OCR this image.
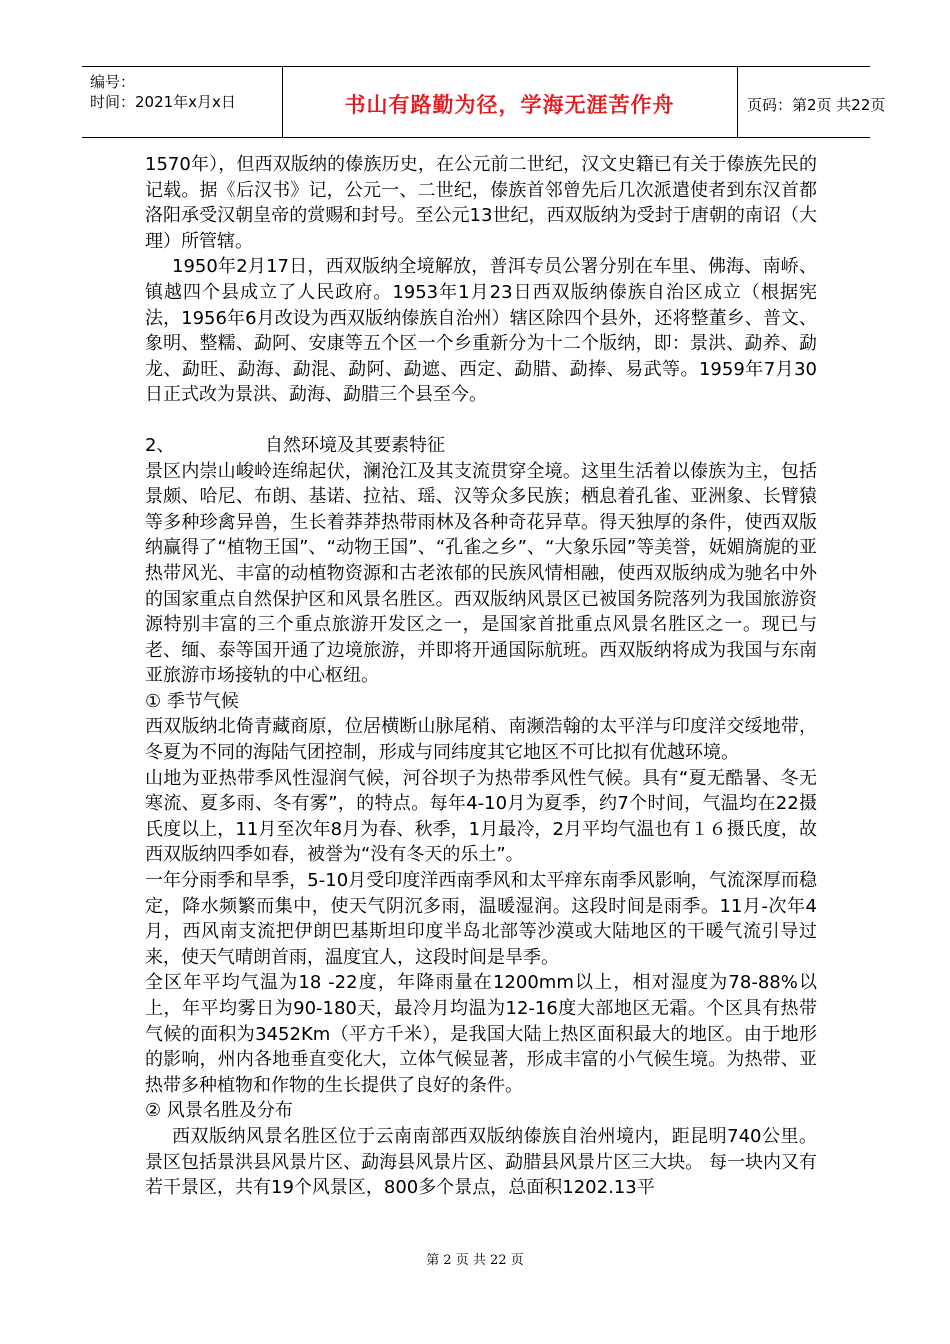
编号：
时间：2021年x月x日	书山有路勤为径，学海无涯苦作舟	页码：第2页 共22页

1570年），但西双版纳的傣族历史，在公元前二世纪，汉文史籍已有关于傣族先民的记载。据《后汉书》记，公元一、二世纪，傣族首邻曾先后几次派遣使者到东汉首都洛阳承受汉朝皇帝的赏赐和封号。至公元13世纪，西双版纳为受封于唐朝的南诏（大理）所管辖。

1950年2月17日，西双版纳全境解放，普洱专员公署分别在车里、佛海、南峤、镇越四个县成立了人民政府。1953年1月23日西双版纳傣族自治区成立（根据宪法，1956年6月改设为西双版纳傣族自治州）辖区除四个县外，还将整董乡、普文、象明、整糯、勐阿、安康等五个区一个乡重新分为十二个版纳，即：景洪、勐养、勐龙、勐旺、勐海、勐混、勐阿、勐遮、西定、勐腊、勐捧、易武等。1959年7月30日正式改为景洪、勐海、勐腊三个县至今。

2、	自然环境及其要素特征

景区内崇山峻岭连绵起伏，澜沧江及其支流贯穿全境。这里生活着以傣族为主，包括景颇、哈尼、布朗、基诺、拉祜、瑶、汉等众多民族；栖息着孔雀、亚洲象、长臂猿等多种珍禽异兽，生长着莽莽热带雨林及各种奇花异草。得天独厚的条件，使西双版纳赢得了“植物王国”、“动物王国”、“孔雀之乡”、“大象乐园”等美誉，妩媚旖旎的亚热带风光、丰富的动植物资源和古老浓郁的民族风情相融，使西双版纳成为驰名中外的国家重点自然保护区和风景名胜区。西双版纳风景区已被国务院落列为我国旅游资源特别丰富的三个重点旅游开发区之一，是国家首批重点风景名胜区之一。现已与老、缅、泰等国开通了边境旅游，并即将开通国际航班。西双版纳将成为我国与东南亚旅游市场接轨的中心枢纽。

① 季节气候

西双版纳北倚青藏商原，位居横断山脉尾稍、南濒浩翰的太平洋与印度洋交绥地带，冬夏为不同的海陆气团控制，形成与同纬度其它地区不可比拟有优越环境。

山地为亚热带季风性湿润气候，河谷坝子为热带季风性气候。具有“夏无酷暑、冬无寒流、夏多雨、冬有雾”，的特点。每年4-10月为夏季，约7个时间，气温均在22摄氏度以上，11月至次年8月为春、秋季，1月最冷，2月平均气温也有１６摄氏度，故西双版纳四季如春，被誉为“没有冬天的乐土”。

一年分雨季和旱季，5-10月受印度洋西南季风和太平痒东南季风影响，气流深厚而稳定，降水频繁而集中，使天气阴沉多雨，温暖湿润。这段时间是雨季。11月-次年4月，西风南支流把伊朗巴基斯坦印度半岛北部等沙漠或大陆地区的干暖气流引导过来，使天气晴朗首雨，温度宜人，这段时间是旱季。

全区年平均气温为18 -22度，年降雨量在1200mm以上，相对湿度为78-88%以上，年平均雾日为90-180天，最冷月均温为12-16度大部地区无霜。个区具有热带气候的面积为3452Km（平方千米），是我国大陆上热区面积最大的地区。由于地形的影响，州内各地垂直变化大，立体气候显著，形成丰富的小气候生境。为热带、亚热带多种植物和作物的生长提供了良好的条件。

② 风景名胜及分布

西双版纳风景名胜区位于云南南部西双版纳傣族自治州境内，距昆明740公里。景区包括景洪县风景片区、勐海县风景片区、勐腊县风景片区三大块。 每一块内又有若干景区，共有19个风景区，800多个景点，总面积1202.13平

第 2 页 共 22 页
